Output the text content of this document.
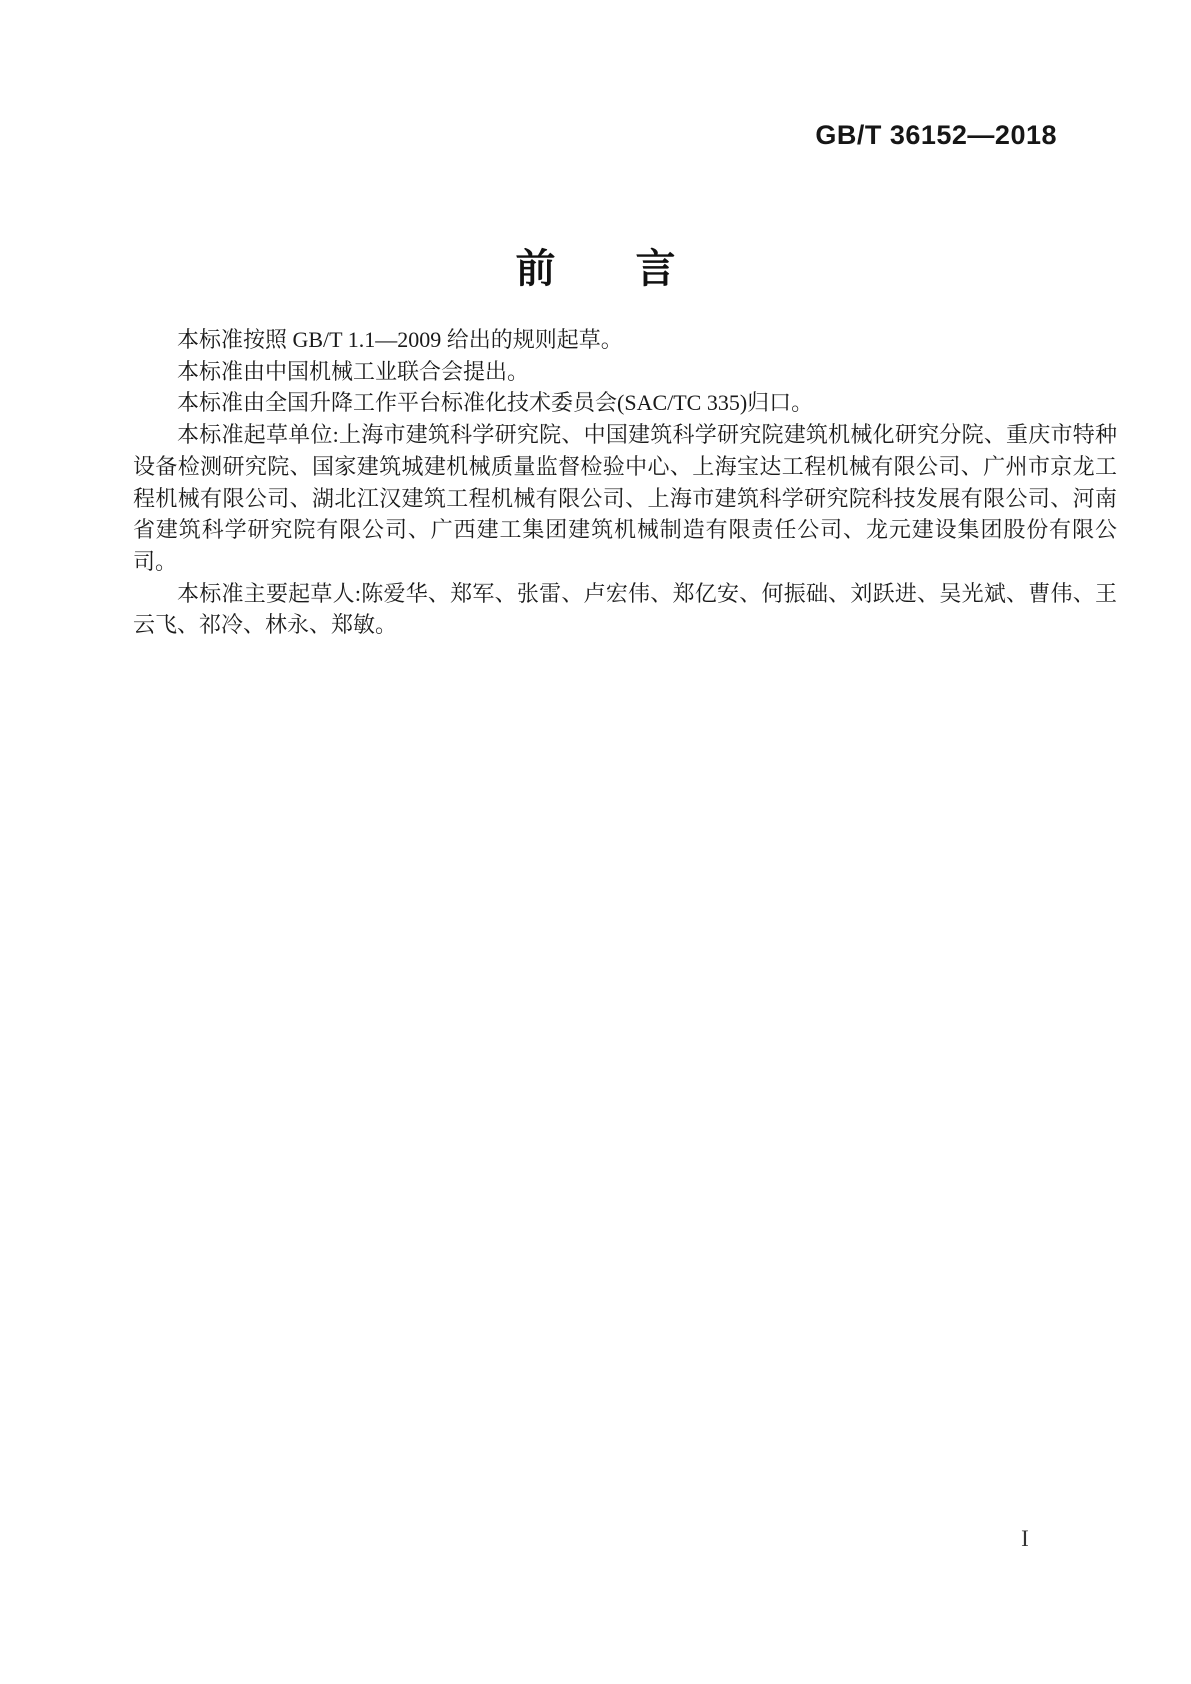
GB/T 36152—2018
前　　言

本标准按照 GB/T 1.1—2009 给出的规则起草。

本标准由中国机械工业联合会提出。

本标准由全国升降工作平台标准化技术委员会(SAC/TC 335)归口。

本标准起草单位:上海市建筑科学研究院、中国建筑科学研究院建筑机械化研究分院、重庆市特种设备检测研究院、国家建筑城建机械质量监督检验中心、上海宝达工程机械有限公司、广州市京龙工程机械有限公司、湖北江汉建筑工程机械有限公司、上海市建筑科学研究院科技发展有限公司、河南省建筑科学研究院有限公司、广西建工集团建筑机械制造有限责任公司、龙元建设集团股份有限公司。

本标准主要起草人:陈爱华、郑军、张雷、卢宏伟、郑亿安、何振础、刘跃进、吴光斌、曹伟、王云飞、祁冷、林永、郑敏。

I
